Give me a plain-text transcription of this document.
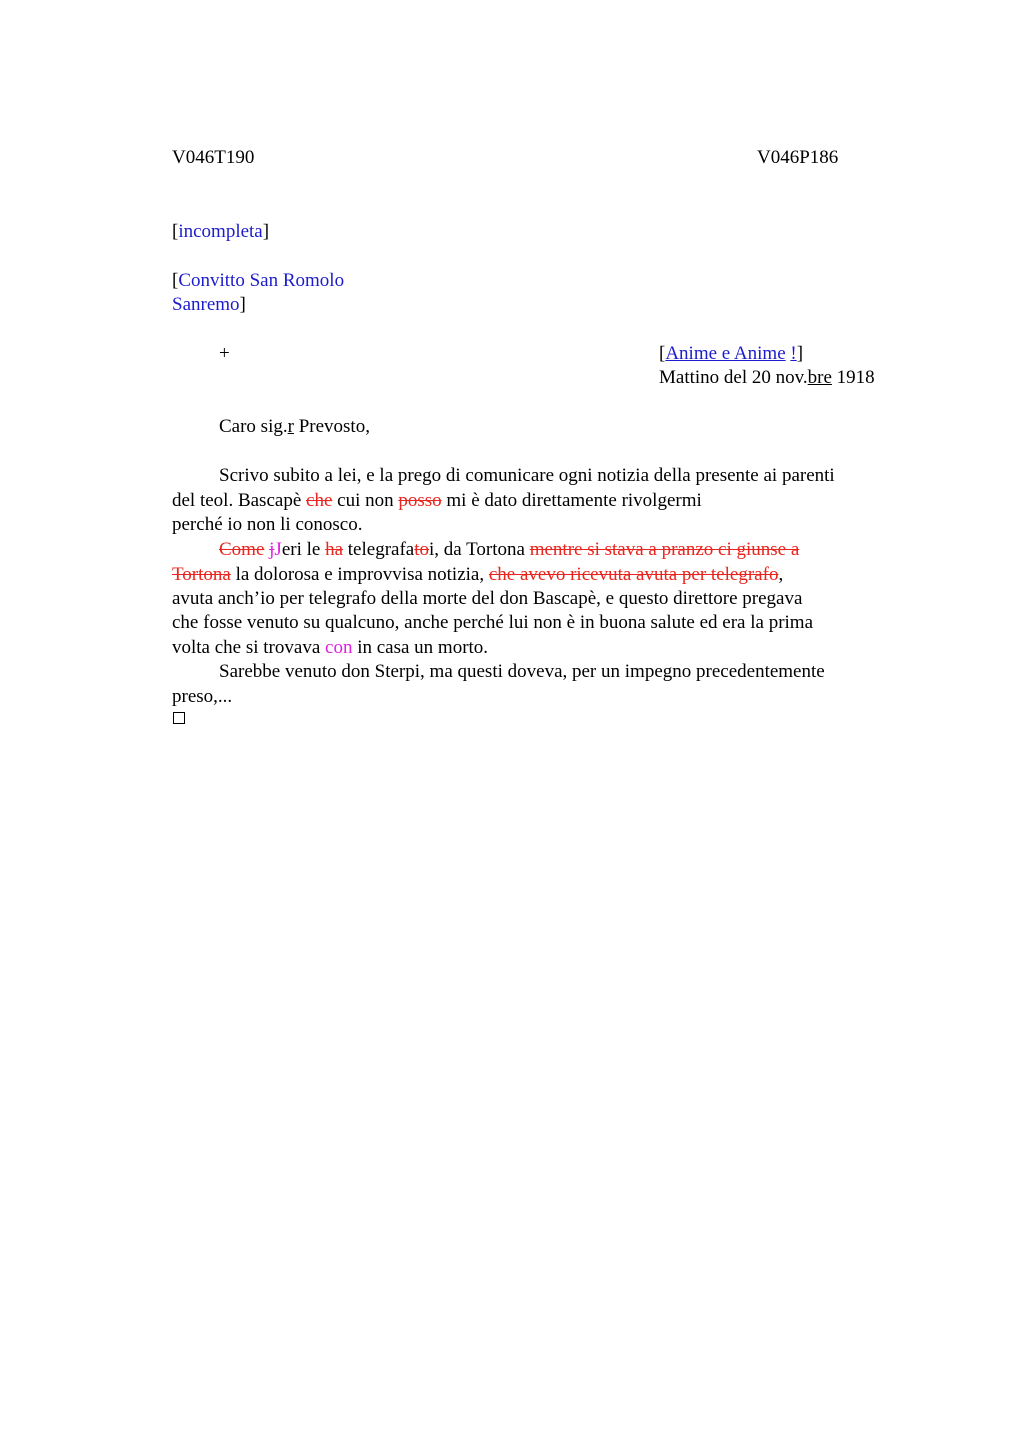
V046T190	V046P186
[incompleta]
[Convitto San Romolo
Sanremo]
+	[Anime e Anime !]
Mattino del 20 nov.bre 1918
Caro sig.r Prevosto,
Scrivo subito a lei, e la prego di comunicare ogni notizia della presente ai parenti
del teol. Bascapè che cui non posso mi è dato direttamente rivolgermi
perché io non li conosco.
Come jJeri le ha telegrafatoi, da Tortona mentre si stava a pranzo ci giunse a
Tortona la dolorosa e improvvisa notizia, che avevo ricevuta avuta per telegrafo,
avuta anch’io per telegrafo della morte del don Bascapè, e questo direttore pregava
che fosse venuto su qualcuno, anche perché lui non è in buona salute ed era la prima
volta che si trovava con in casa un morto.
Sarebbe venuto don Sterpi, ma questi doveva, per un impegno precedentemente
preso,...
